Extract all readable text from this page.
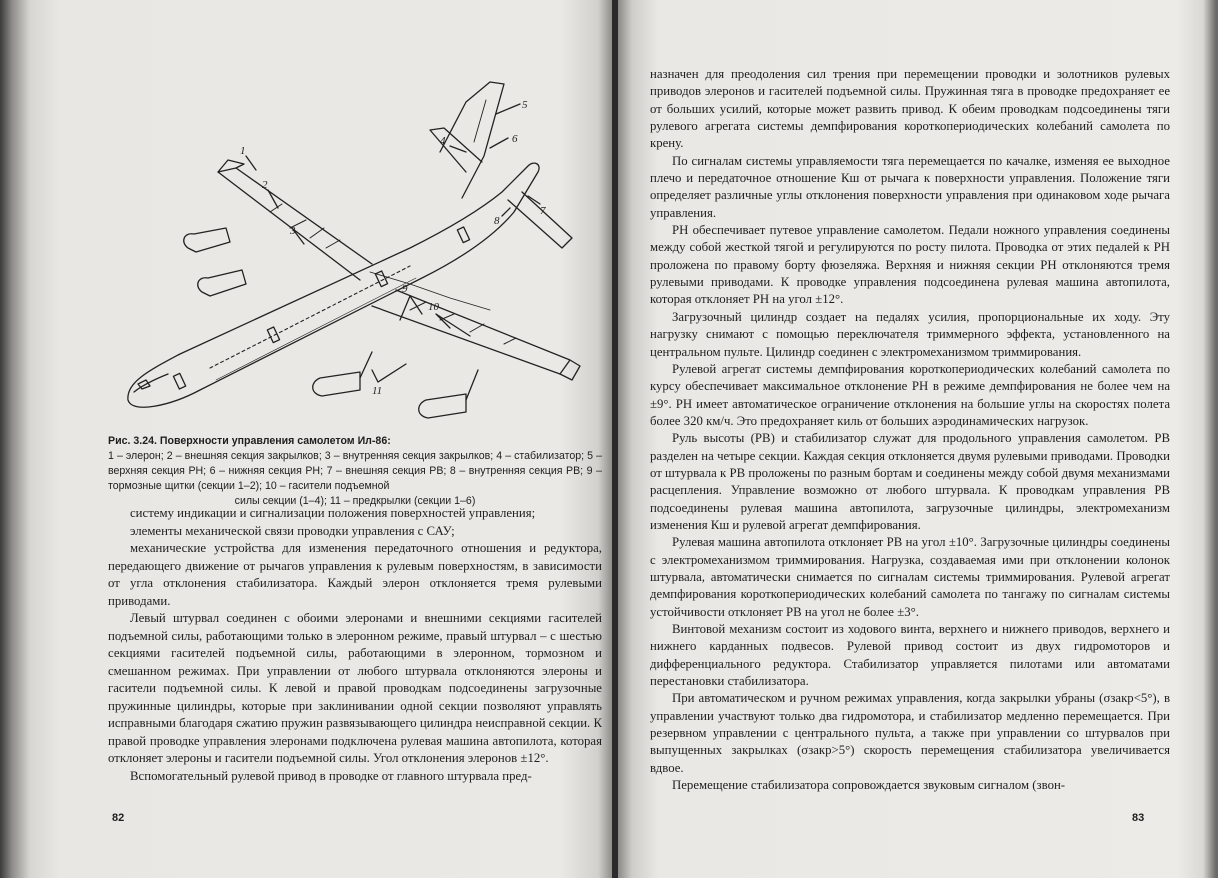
1
2
3
4
5
6
7
8
9
10
11
Рис. 3.24. Поверхности управления самолетом Ил-86:
1 – элерон; 2 – внешняя секция закрылков; 3 – внутренняя секция закрылков; 4 – стабилизатор; 5 – верхняя секция РН; 6 – нижняя секция РН; 7 – внешняя секция РВ; 8 – внутренняя секция РВ; 9 – тормозные щитки (секции 1–2); 10 – гасители подъемной
силы секции (1–4); 11 – предкрылки (секции 1–6)

систему индикации и сигнализации положения поверхностей управления;

элементы механической связи проводки управления с САУ;

механические устройства для изменения передаточного отношения и редуктора, передающего движение от рычагов управления к рулевым поверхностям, в зависимости от угла отклонения стабилизатора. Каждый элерон отклоняется тремя рулевыми приводами.

Левый штурвал соединен с обоими элеронами и внешними секциями гасителей подъемной силы, работающими только в элеронном режиме, правый штурвал – с шестью секциями гасителей подъемной силы, работающими в элеронном, тормозном и смешанном режимах. При управлении от любого штурвала отклоняются элероны и гасители подъемной силы. К левой и правой проводкам подсоединены загрузочные пружинные цилиндры, которые при заклинивании одной секции позволяют управлять исправными благодаря сжатию пружин развязывающего цилиндра неисправной секции. К правой проводке управления элеронами подключена рулевая машина автопилота, которая отклоняет элероны и гасители подъемной силы. Угол отклонения элеронов ±12°.

Вспомогательный рулевой привод в проводке от главного штурвала пред-

82	83

назначен для преодоления сил трения при перемещении проводки и золотников рулевых приводов элеронов и гасителей подъемной силы. Пружинная тяга в проводке предохраняет ее от больших усилий, которые может развить привод. К обеим проводкам подсоединены тяги рулевого агрегата системы демпфирования короткопериодических колебаний самолета по крену.

По сигналам системы управляемости тяга перемещается по качалке, изменяя ее выходное плечо и передаточное отношение Кш от рычага к поверхности управления. Положение тяги определяет различные углы отклонения поверхности управления при одинаковом ходе рычага управления.

РН обеспечивает путевое управление самолетом. Педали ножного управления соединены между собой жесткой тягой и регулируются по росту пилота. Проводка от этих педалей к РН проложена по правому борту фюзеляжа. Верхняя и нижняя секции РН отклоняются тремя рулевыми приводами. К проводке управления подсоединена рулевая машина автопилота, которая отклоняет РН на угол ±12°.

Загрузочный цилиндр создает на педалях усилия, пропорциональные их ходу. Эту нагрузку снимают с помощью переключателя триммерного эффекта, установленного на центральном пульте. Цилиндр соединен с электромеханизмом триммирования.

Рулевой агрегат системы демпфирования короткопериодических колебаний самолета по курсу обеспечивает максимальное отклонение РН в режиме демпфирования не более чем на ±9°. РН имеет автоматическое ограничение отклонения на большие углы на скоростях полета более 320 км/ч. Это предохраняет киль от больших аэродинамических нагрузок.

Руль высоты (РВ) и стабилизатор служат для продольного управления самолетом. РВ разделен на четыре секции. Каждая секция отклоняется двумя рулевыми приводами. Проводки от штурвала к РВ проложены по разным бортам и соединены между собой двумя механизмами расцепления. Управление возможно от любого штурвала. К проводкам управления РВ подсоединены рулевая машина автопилота, загрузочные цилиндры, электромеханизм изменения Кш и рулевой агрегат демпфирования.

Рулевая машина автопилота отклоняет РВ на угол ±10°. Загрузочные цилиндры соединены с электромеханизмом триммирования. Нагрузка, создаваемая ими при отклонении колонок штурвала, автоматически снимается по сигналам системы триммирования. Рулевой агрегат демпфирования короткопериодических колебаний самолета по тангажу по сигналам системы устойчивости отклоняет РВ на угол не более ±3°.

Винтовой механизм состоит из ходового винта, верхнего и нижнего приводов, верхнего и нижнего карданных подвесов. Рулевой привод состоит из двух гидромоторов и дифференциального редуктора. Стабилизатор управляется пилотами или автоматами перестановки стабилизатора.

При автоматическом и ручном режимах управления, когда закрылки убраны (σзакр<5°), в управлении участвуют только два гидромотора, и стабилизатор медленно перемещается. При резервном управлении с центрального пульта, а также при управлении со штурвалов при выпущенных закрылках (σзакр>5°) скорость перемещения стабилизатора увеличивается вдвое.

Перемещение стабилизатора сопровождается звуковым сигналом (звон-
